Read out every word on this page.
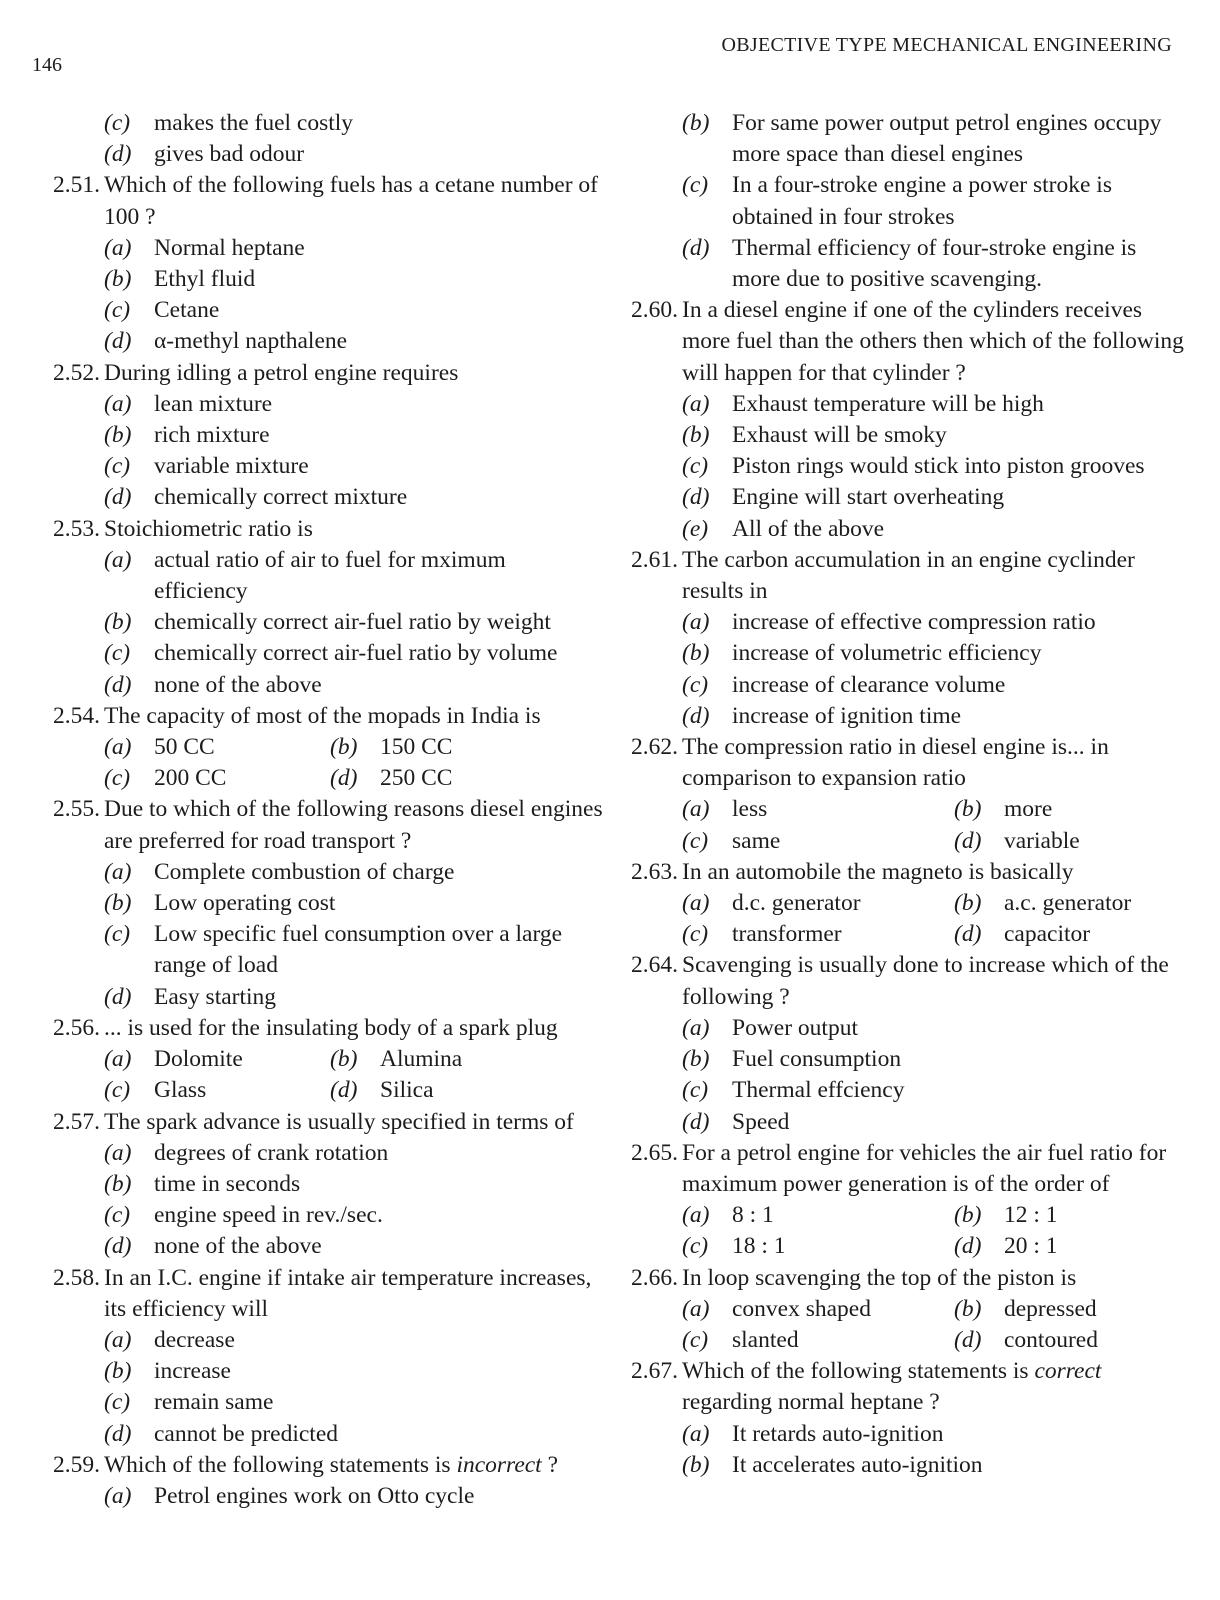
146
OBJECTIVE TYPE MECHANICAL ENGINEERING
(c) makes the fuel costly
(d) gives bad odour
2.51. Which of the following fuels has a cetane number of 100 ?
(a) Normal heptane
(b) Ethyl fluid
(c) Cetane
(d) α-methyl napthalene
2.52. During idling a petrol engine requires
(a) lean mixture
(b) rich mixture
(c) variable mixture
(d) chemically correct mixture
2.53. Stoichiometric ratio is
(a) actual ratio of air to fuel for mximum efficiency
(b) chemically correct air-fuel ratio by weight
(c) chemically correct air-fuel ratio by volume
(d) none of the above
2.54. The capacity of most of the mopads in India is
(a) 50 CC	(b) 150 CC
(c) 200 CC	(d) 250 CC
2.55. Due to which of the following reasons diesel engines are preferred for road transport ?
(a) Complete combustion of charge
(b) Low operating cost
(c) Low specific fuel consumption over a large range of load
(d) Easy starting
2.56. ... is used for the insulating body of a spark plug
(a) Dolomite	(b) Alumina
(c) Glass	(d) Silica
2.57. The spark advance is usually specified in terms of
(a) degrees of crank rotation
(b) time in seconds
(c) engine speed in rev./sec.
(d) none of the above
2.58. In an I.C. engine if intake air temperature increases, its efficiency will
(a) decrease
(b) increase
(c) remain same
(d) cannot be predicted
2.59. Which of the following statements is incorrect ?
(a) Petrol engines work on Otto cycle
(b) For same power output petrol engines occupy more space than diesel engines
(c) In a four-stroke engine a power stroke is obtained in four strokes
(d) Thermal efficiency of four-stroke engine is more due to positive scavenging.
2.60. In a diesel engine if one of the cylinders receives more fuel than the others then which of the following will happen for that cylinder ?
(a) Exhaust temperature will be high
(b) Exhaust will be smoky
(c) Piston rings would stick into piston grooves
(d) Engine will start overheating
(e) All of the above
2.61. The carbon accumulation in an engine cyclinder results in
(a) increase of effective compression ratio
(b) increase of volumetric efficiency
(c) increase of clearance volume
(d) increase of ignition time
2.62. The compression ratio in diesel engine is... in comparison to expansion ratio
(a) less	(b) more
(c) same	(d) variable
2.63. In an automobile the magneto is basically
(a) d.c. generator	(b) a.c. generator
(c) transformer	(d) capacitor
2.64. Scavenging is usually done to increase which of the following ?
(a) Power output
(b) Fuel consumption
(c) Thermal effciency
(d) Speed
2.65. For a petrol engine for vehicles the air fuel ratio for maximum power generation is of the order of
(a) 8 : 1	(b) 12 : 1
(c) 18 : 1	(d) 20 : 1
2.66. In loop scavenging the top of the piston is
(a) convex shaped	(b) depressed
(c) slanted	(d) contoured
2.67. Which of the following statements is correct regarding normal heptane ?
(a) It retards auto-ignition
(b) It accelerates auto-ignition
